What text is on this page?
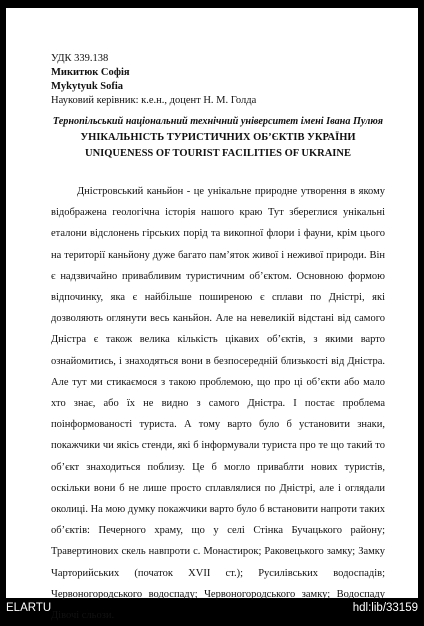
УДК 339.138
Микитюк Софія
Mykytyuk Sofia
Науковий керівник: к.е.н., доцент Н. М. Голда
Тернопільський національний технічний університет імені Івана Пулюя
УНІКАЛЬНІСТЬ ТУРИСТИЧНИХ ОБ’ЄКТІВ УКРАЇНИ
UNIQUENESS OF TOURIST FACILITIES OF UKRAINE

Дністровський каньйон - це унікальне природне утворення в якому відображена геологічна історія нашого краю Тут збереглися унікальні еталони відслонень гірських порід та викопної флори і фауни, крім цього на території каньйону дуже багато пам’яток живої і неживої природи. Він є надзвичайно привабливим туристичним об’єктом. Основною формою відпочинку, яка є найбільше поширеною є сплави по Дністрі, які дозволяють оглянути весь каньйон. Але на невеликій відстані від самого Дністра є також велика кількість цікавих об’єктів, з якими варто ознайомитись, і знаходяться вони в безпосередній близькості від Дністра. Але тут ми стикаємося з такою проблемою, що про ці об’єкти або мало хто знає, або їх не видно з самого Дністра. І постає проблема поінформованості туриста. А тому варто було б установити знаки, покажчики чи якісь стенди, які б інформували туриста про те що такий то об’єкт знаходиться поблизу. Це б могло приваблти нових туристів, оскільки вони б не лише просто сплавлялися по Дністрі, але і оглядали околиці. На мою думку покажчики варто було б встановити напроти таких об’єктів: Печерного храму, що у селі Стінка Бучацького району; Травертинових скель навпроти с. Монастирок; Раковецького замку; Замку Чарторийських (початок XVII ст.); Русилівських водоспадів; Червоногородського водоспаду; Червоногородського замку; Водоспаду Дівочі сльози.

ELARTU	hdl:lib/33159
